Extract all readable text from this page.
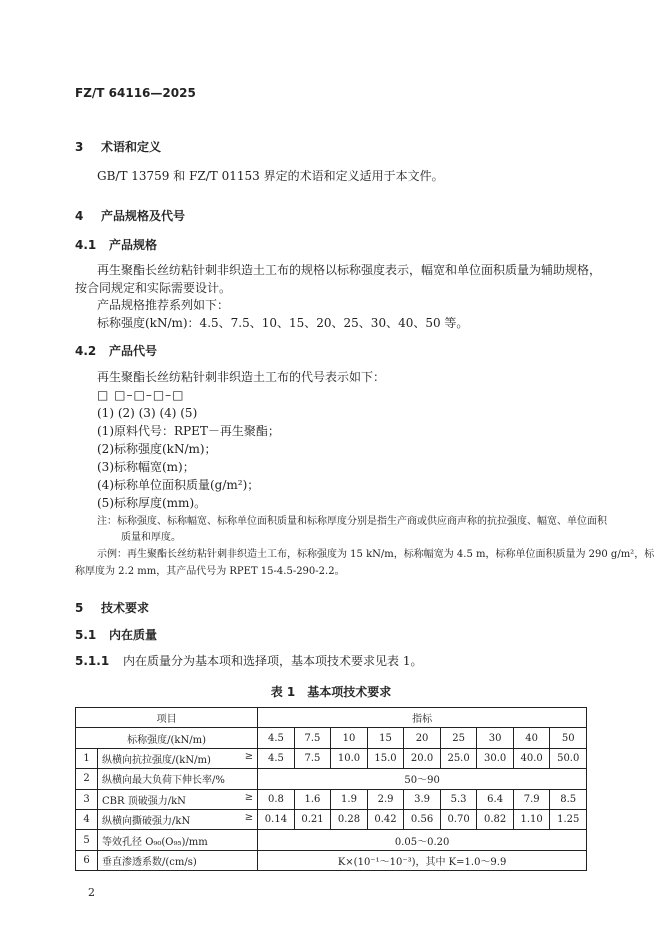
FZ/T 64116—2025
3 术语和定义
GB/T 13759 和 FZ/T 01153 界定的术语和定义适用于本文件。
4 产品规格及代号
4.1 产品规格
再生聚酯长丝纺粘针刺非织造土工布的规格以标称强度表示，幅宽和单位面积质量为辅助规格，
按合同规定和实际需要设计。
产品规格推荐系列如下：
标称强度(kN/m)：4.5、7.5、10、15、20、25、30、40、50 等。
4.2 产品代号
再生聚酯长丝纺粘针刺非织造土工布的代号表示如下：
□ □–□–□–□
(1) (2) (3) (4) (5)
(1)原料代号：RPET－再生聚酯；
(2)标称强度(kN/m)；
(3)标称幅宽(m)；
(4)标称单位面积质量(g/m²)；
(5)标称厚度(mm)。
注：标称强度、标称幅宽、标称单位面积质量和标称厚度分别是指生产商或供应商声称的抗拉强度、幅宽、单位面积
质量和厚度。
示例：再生聚酯长丝纺粘针刺非织造土工布，标称强度为 15 kN/m，标称幅宽为 4.5 m，标称单位面积质量为 290 g/m²，标
称厚度为 2.2 mm，其产品代号为 RPET 15-4.5-290-2.2。
5 技术要求
5.1 内在质量
5.1.1 内在质量分为基本项和选择项，基本项技术要求见表 1。
表 1　基本项技术要求
项目		指标								
标称强度/(kN/m)		4.5	7.5	10	15	20	25	30	40	50
1	纵横向抗拉强度/(kN/m) ≥	4.5	7.5	10.0	15.0	20.0	25.0	30.0	40.0	50.0
2	纵横向最大负荷下伸长率/%	50～90								
3	CBR 顶破强力/kN ≥	0.8	1.6	1.9	2.9	3.9	5.3	6.4	7.9	8.5
4	纵横向撕破强力/kN ≥	0.14	0.21	0.28	0.42	0.56	0.70	0.82	1.10	1.25
5	等效孔径 O₉₀(O₉₅)/mm	0.05～0.20								
6	垂直渗透系数/(cm/s)	K×(10⁻¹～10⁻³)，其中 K=1.0～9.9								
2
